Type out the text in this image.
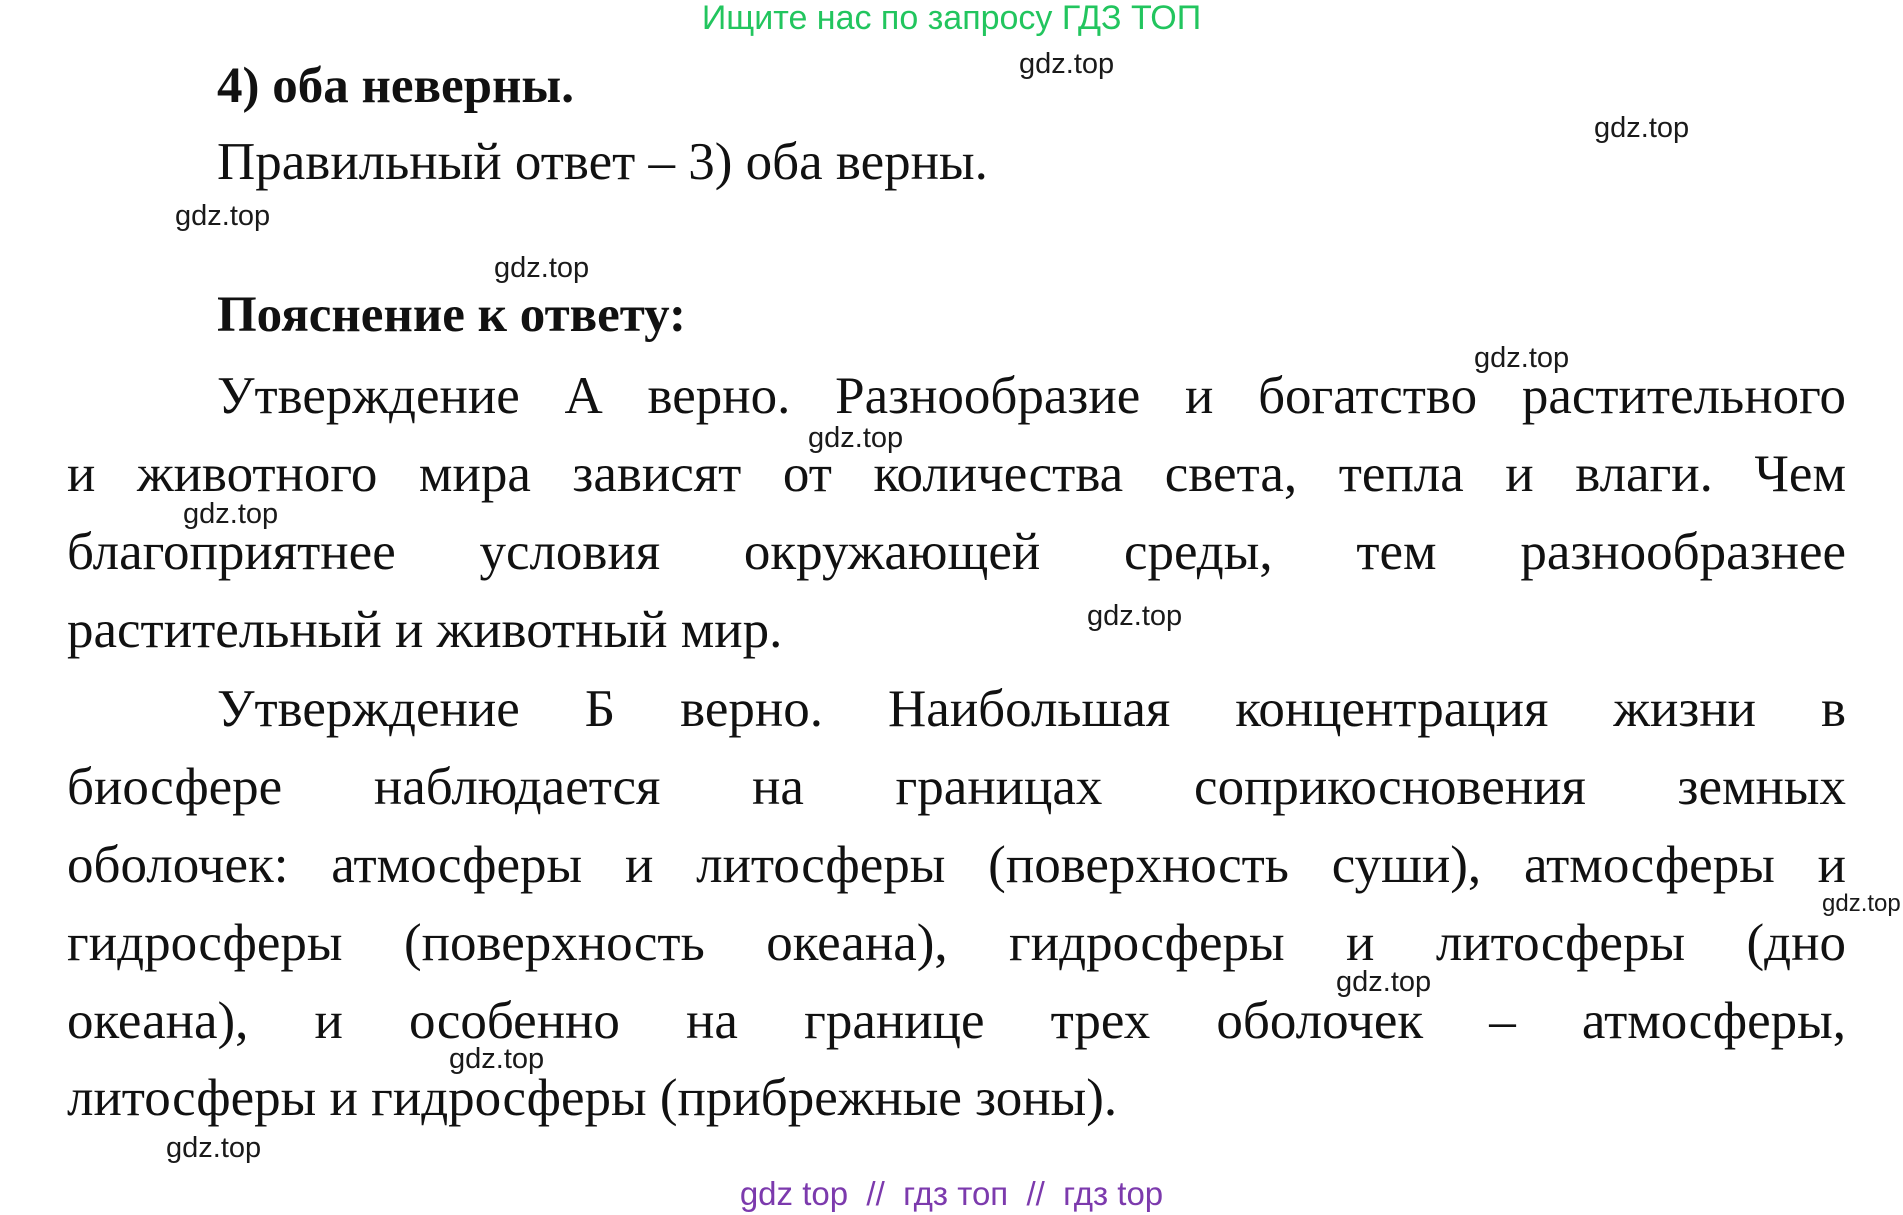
Ищите нас по запросу ГДЗ ТОП
4) оба неверны.
Правильный ответ – 3) оба верны.
Пояснение к ответу:
Утверждение А верно. Разнообразие и богатство растительного
и животного мира зависят от количества света, тепла и влаги. Чем
благоприятнее условия окружающей среды, тем разнообразнее
растительный и животный мир.
Утверждение Б верно. Наибольшая концентрация жизни в
биосфере наблюдается на границах соприкосновения земных
оболочек: атмосферы и литосферы (поверхность суши), атмосферы и
гидросферы (поверхность океана), гидросферы и литосферы (дно
океана), и особенно на границе трех оболочек – атмосферы,
литосферы и гидросферы (прибрежные зоны).
gdz.top
gdz.top
gdz.top
gdz.top
gdz.top
gdz.top
gdz.top
gdz.top
gdz.top
gdz.top
gdz.top
gdz.top
gdz top  //  гдз топ  //  гдз top
